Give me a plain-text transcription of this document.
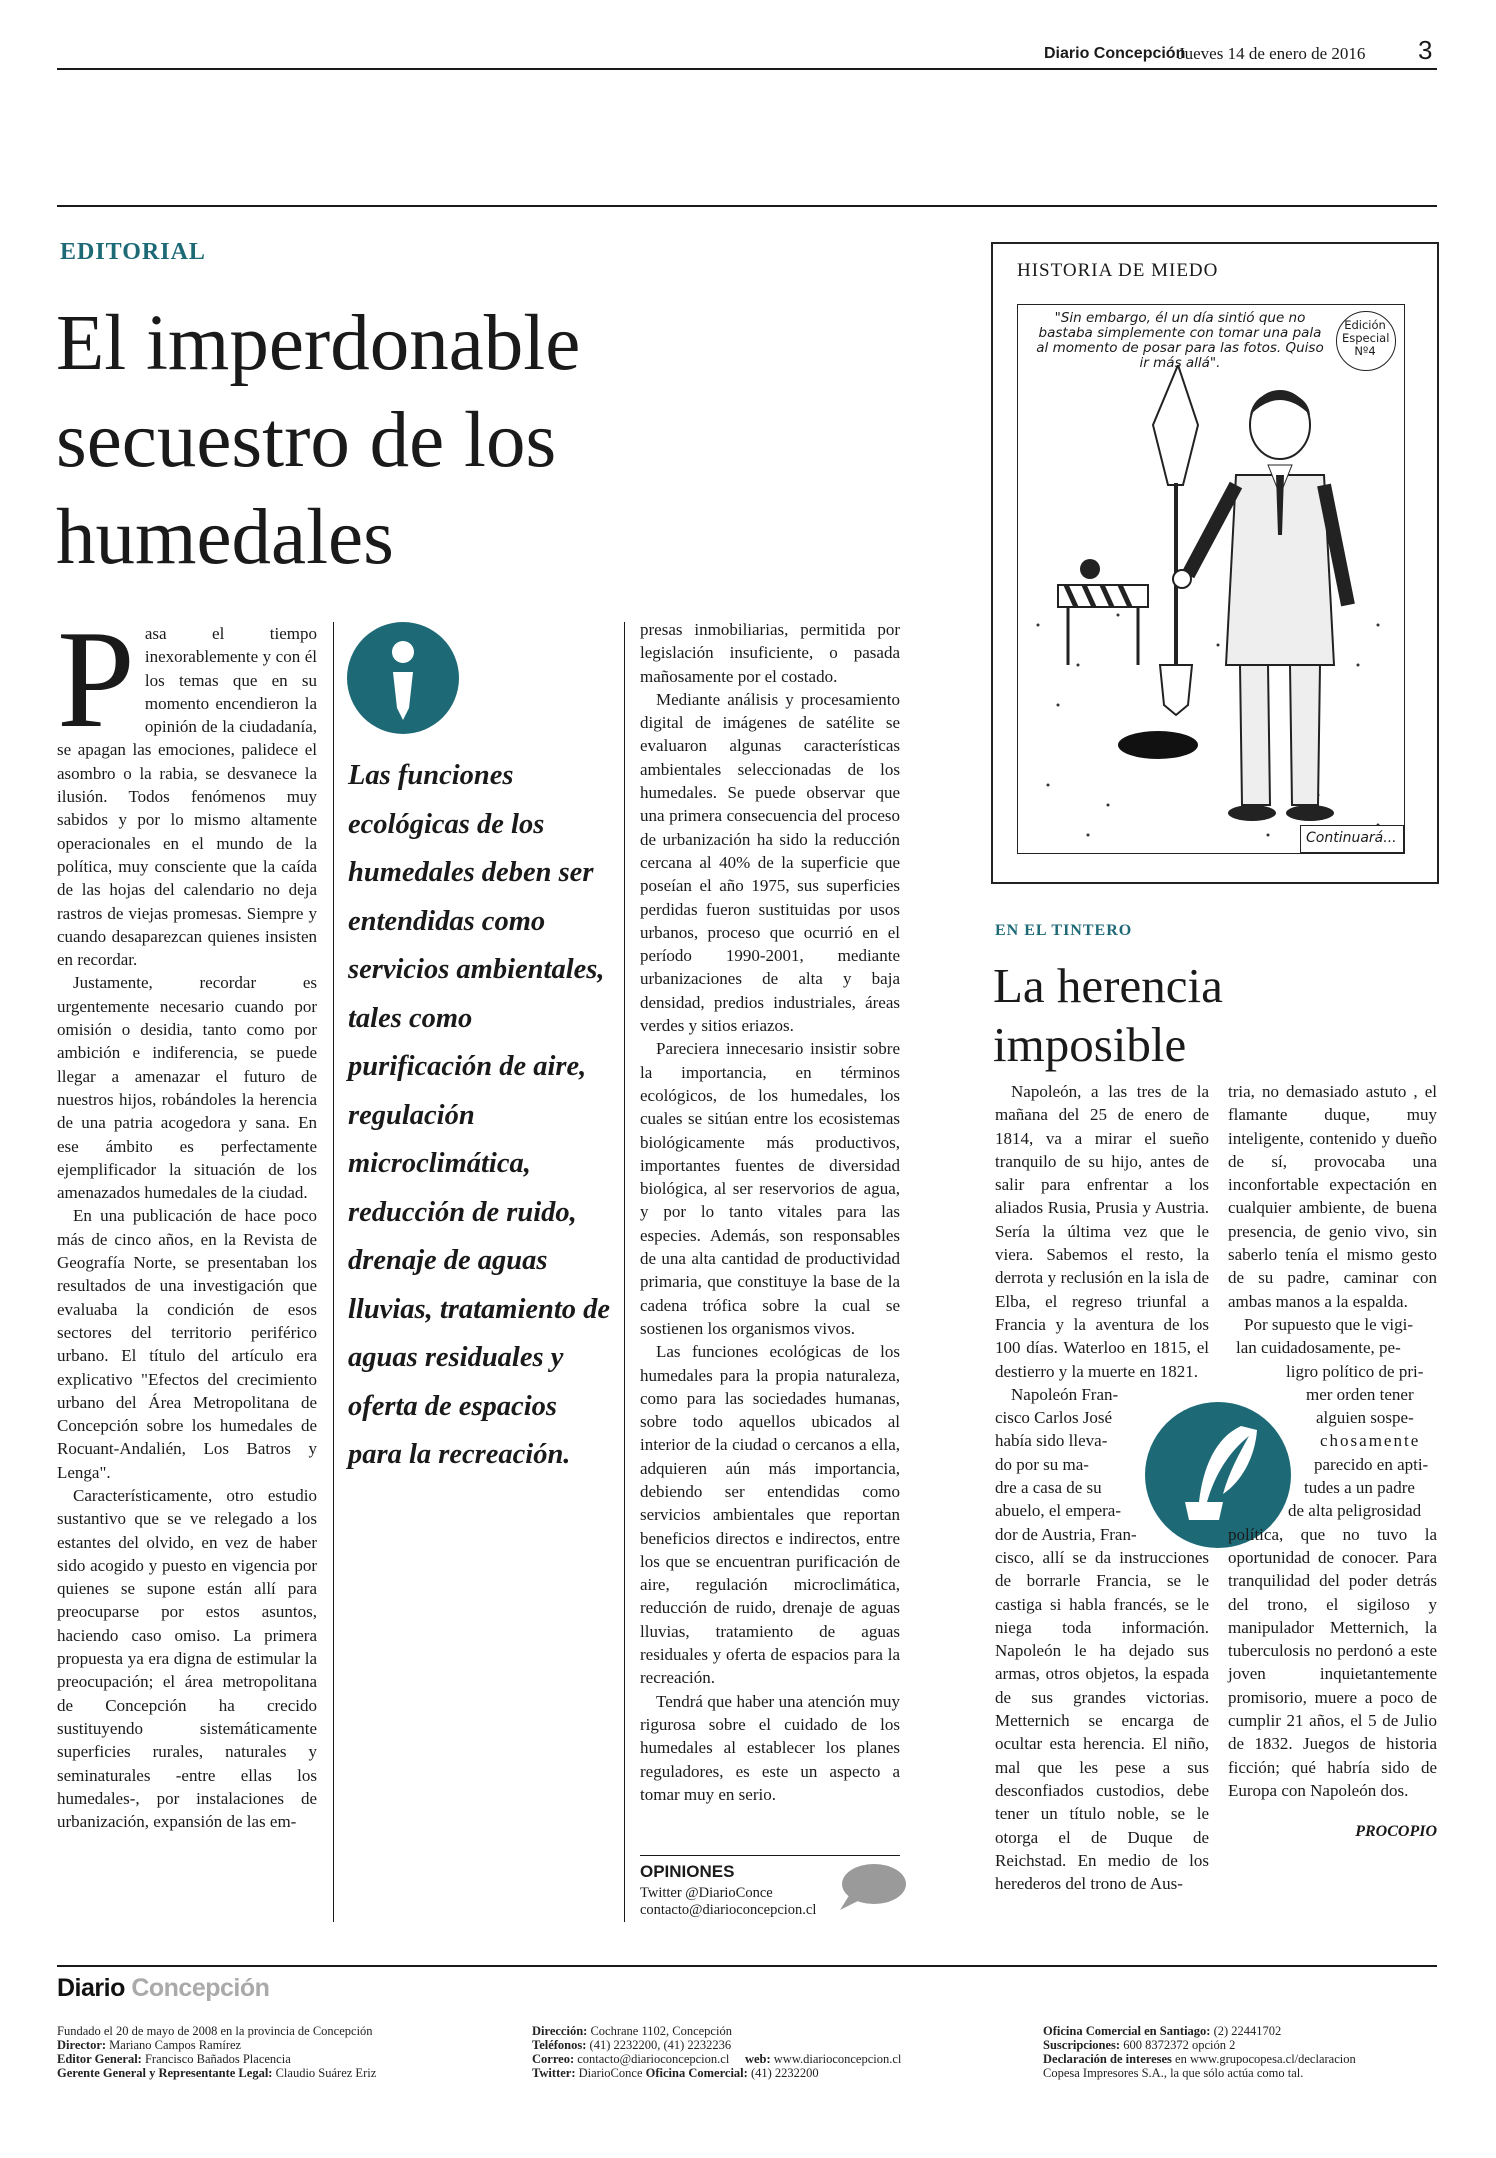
Diario Concepción
Jueves 14 de enero de 2016 3
EDITORIAL
El imperdonable
secuestro de los
humedales

Pasa el tiempo inexorablemente y con él los temas que en su momento encendieron la opinión de la ciudadanía, se apagan las emociones, palidece el asombro o la rabia, se desvanece la ilusión. Todos fenómenos muy sabidos y por lo mismo altamente operacionales en el mundo de la política, muy consciente que la caída de las hojas del calendario no deja rastros de viejas promesas. Siempre y cuando desaparezcan quienes insisten en recordar.

Justamente, recordar es urgentemente necesario cuando por omisión o desidia, tanto como por ambición e indiferencia, se puede llegar a amenazar el futuro de nuestros hijos, robándoles la herencia de una patria acogedora y sana. En ese ámbito es perfectamente ejemplificador la situación de los amenazados humedales de la ciudad.

En una publicación de hace poco más de cinco años, en la Revista de Geografía Norte, se presentaban los resultados de una investigación que evaluaba la condición de esos sectores del territorio periférico urbano. El título del artículo era explicativo "Efectos del crecimiento urbano del Área Metropolitana de Concepción sobre los humedales de Rocuant-Andalién, Los Batros y Lenga".

Característicamente, otro estudio sustantivo que se ve relegado a los estantes del olvido, en vez de haber sido acogido y puesto en vigencia por quienes se supone están allí para preocuparse por estos asuntos, haciendo caso omiso. La primera propuesta ya era digna de estimular la preocupación; el área metropolitana de Concepción ha crecido sustituyendo sistemáticamente superficies rurales, naturales y seminaturales -entre ellas los humedales-, por instalaciones de urbanización, expansión de las em-

Las funciones ecológicas de los humedales deben ser entendidas como servicios ambientales, tales como purificación de aire, regulación microclimática, reducción de ruido, drenaje de aguas lluvias, tratamiento de aguas residuales y oferta de espacios para la recreación.

presas inmobiliarias, permitida por legislación insuficiente, o pasada mañosamente por el costado.

Mediante análisis y procesamiento digital de imágenes de satélite se evaluaron algunas características ambientales seleccionadas de los humedales. Se puede observar que una primera consecuencia del proceso de urbanización ha sido la reducción cercana al 40% de la superficie que poseían el año 1975, sus superficies perdidas fueron sustituidas por usos urbanos, proceso que ocurrió en el período 1990-2001, mediante urbanizaciones de alta y baja densidad, predios industriales, áreas verdes y sitios eriazos.

Pareciera innecesario insistir sobre la importancia, en términos ecológicos, de los humedales, los cuales se sitúan entre los ecosistemas biológicamente más productivos, importantes fuentes de diversidad biológica, al ser reservorios de agua, y por lo tanto vitales para las especies. Además, son responsables de una alta cantidad de productividad primaria, que constituye la base de la cadena trófica sobre la cual se sostienen los organismos vivos.

Las funciones ecológicas de los humedales para la propia naturaleza, como para las sociedades humanas, sobre todo aquellos ubicados al interior de la ciudad o cercanos a ella, adquieren aún más importancia, debiendo ser entendidas como servicios ambientales que reportan beneficios directos e indirectos, entre los que se encuentran purificación de aire, regulación microclimática, reducción de ruido, drenaje de aguas lluvias, tratamiento de aguas residuales y oferta de espacios para la recreación.

Tendrá que haber una atención muy rigurosa sobre el cuidado de los humedales al establecer los planes reguladores, es este un aspecto a tomar muy en serio.

OPINIONES
Twitter @DiarioConce
contacto@diarioconcepcion.cl
HISTORIA DE MIEDO
"Sin embargo, él un día sintió que no bastaba simplemente con tomar una pala al momento de posar para las fotos. Quiso ir más allá".
Edición Especial Nº4
Continuará...
EN EL TINTERO
La herencia
imposible

Napoleón, a las tres de la mañana del 25 de enero de 1814, va a mirar el sueño tranquilo de su hijo, antes de salir para enfrentar a los aliados Rusia, Prusia y Austria. Sería la última vez que le viera. Sabemos el resto, la derrota y reclusión en la isla de Elba, el regreso triunfal a Francia y la aventura de los 100 días. Waterloo en 1815, el destierro y la muerte en 1821.

Napoleón Fran-

cisco Carlos José
había sido lleva-
do por su ma-
dre a casa de su
abuelo, el empera-
dor de Austria, Fran-
cisco, allí se da instrucciones de borrarle Francia, se le castiga si habla francés, se le niega toda información. Napoleón le ha dejado sus armas, otros objetos, la espada de sus grandes victorias. Metternich se encarga de ocultar esta herencia. El niño, mal que les pese a sus desconfiados custodios, debe tener un título noble, se le otorga el de Duque de Reichstad. En medio de los herederos del trono de Aus-

tria, no demasiado astuto , el flamante duque, muy inteligente, contenido y dueño de sí, provocaba una inconfortable expectación en cualquier ambiente, de buena presencia, de genio vivo, sin saberlo tenía el mismo gesto de su padre, caminar con ambas manos a la espalda.

Por supuesto que le vigi-

lan cuidadosamente, pe-
ligro político de pri-
mer orden tener
alguien sospe-
chosamente
parecido en apti-
tudes a un padre
de alta peligrosidad
política, que no tuvo la oportunidad de conocer. Para tranquilidad del poder detrás del trono, el sigiloso y manipulador Metternich, la tuberculosis no perdonó a este joven inquietantemente promisorio, muere a poco de cumplir 21 años, el 5 de Julio de 1832. Juegos de historia ficción; qué habría sido de Europa con Napoleón dos.
PROCOPIO
Diario Concepción
Fundado el 20 de mayo de 2008 en la provincia de Concepción
Director: Mariano Campos Ramírez
Editor General: Francisco Bañados Placencia
Gerente General y Representante Legal: Claudio Suárez Eriz
Dirección: Cochrane 1102, Concepción
Teléfonos: (41) 2232200, (41) 2232236
Correo: contacto@diarioconcepcion.cl     web: www.diarioconcepcion.cl
Twitter: DiarioConce Oficina Comercial: (41) 2232200
Oficina Comercial en Santiago: (2) 22441702
Suscripciones: 600 8372372 opción 2
Declaración de intereses en www.grupocopesa.cl/declaracion
Copesa Impresores S.A., la que sólo actúa como tal.
